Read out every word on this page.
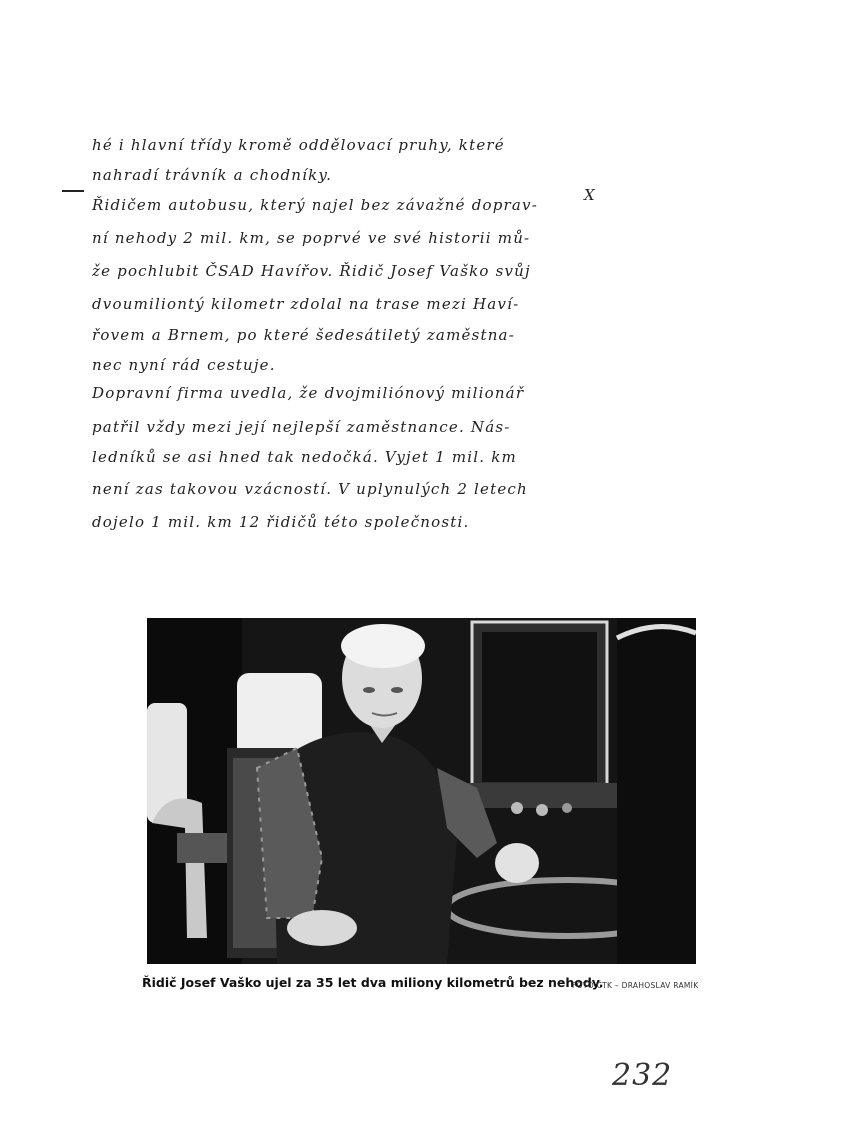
X
hé i hlavní třídy kromě oddělovací pruhy, které
nahradí trávník a chodníky.
Řidičem autobusu, který najel bez závažné doprav-
ní nehody 2 mil. km, se poprvé ve své historii mů-
že pochlubit ČSAD Havířov. Řidič Josef Vaško svůj
dvoumiliontý kilometr zdolal na trase mezi Haví-
řovem a Brnem, po které šedesátiletý zaměstna-
nec nyní rád cestuje.
Dopravní firma uvedla, že dvojmiliónový milionář
patřil vždy mezi její nejlepší zaměstnance. Nás-
ledníků se asi hned tak nedočká. Vyjet 1 mil. km
není zas takovou vzácností. V uplynulých 2 letech
dojelo 1 mil. km 12 řidičů této společnosti.
Řidič Josef Vaško ujel za 35 let dva miliony kilometrů bez nehody.
FOTO ČTK – DRAHOSLAV RAMÍK
232
